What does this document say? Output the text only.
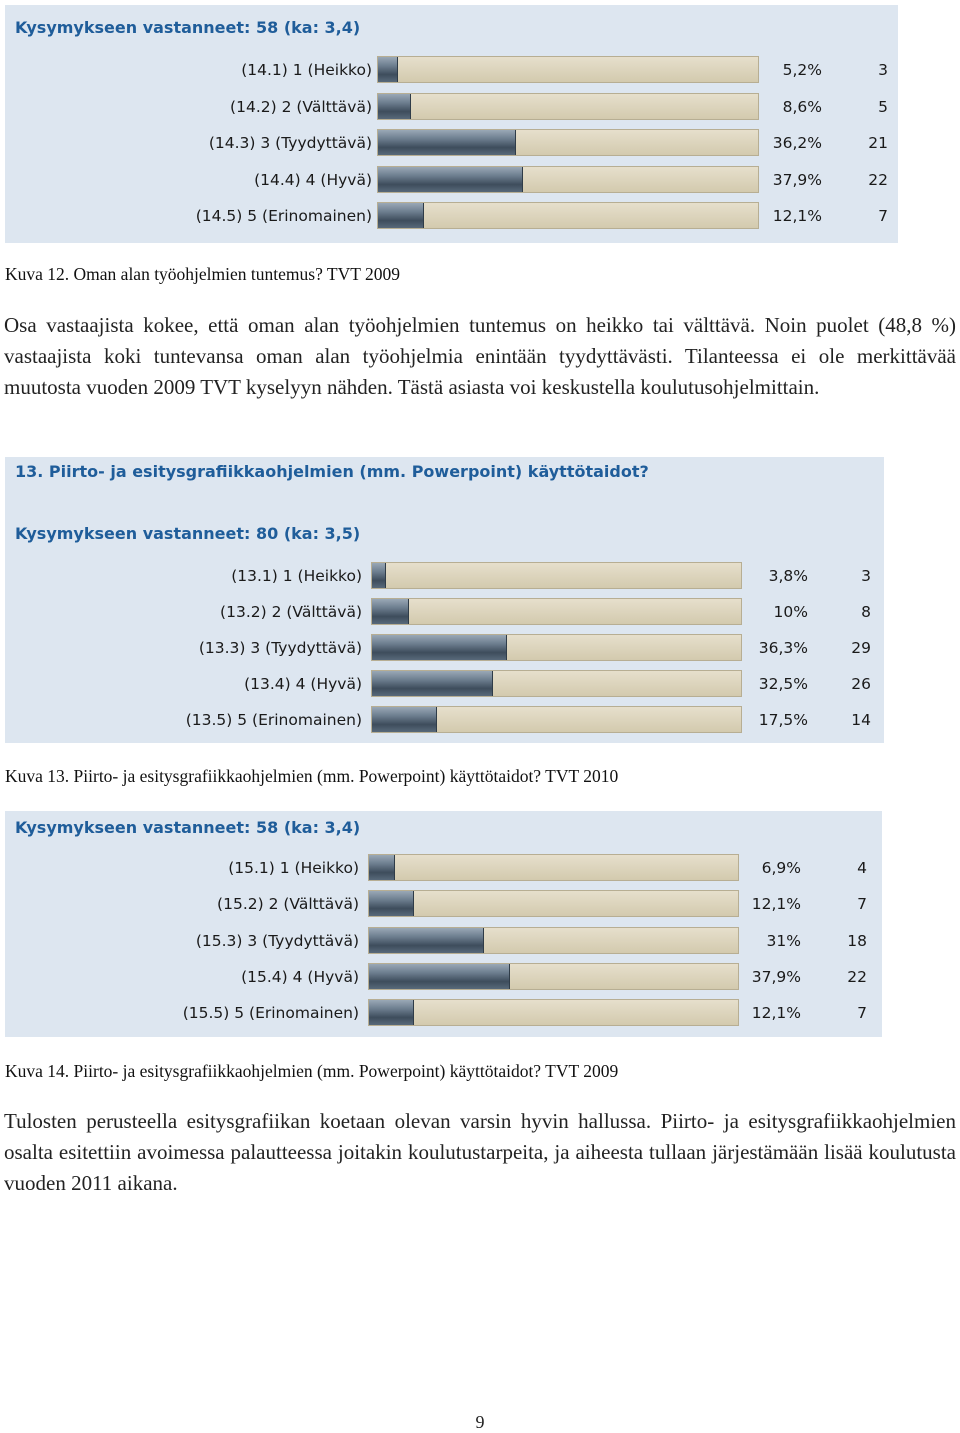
Kysymykseen vastanneet: 58 (ka: 3,4)
(14.1) 1 (Heikko)	5,2%	3
(14.2) 2 (Välttävä)	8,6%	5
(14.3) 3 (Tyydyttävä)	36,2%	21
(14.4) 4 (Hyvä)	37,9%	22
(14.5) 5 (Erinomainen)	12,1%	7
Kuva 12. Oman alan työohjelmien tuntemus? TVT 2009

Osa vastaajista kokee, että oman alan työohjelmien tuntemus on heikko tai välttävä. Noin puolet (48,8 %) vastaajista koki tuntevansa oman alan työohjelmia enintään tyydyttävästi. Tilanteessa ei ole merkittävää muutosta vuoden 2009 TVT kyselyyn nähden. Tästä asiasta voi keskustella koulutusohjelmittain.

13. Piirto- ja esitysgrafiikkaohjelmien (mm. Powerpoint) käyttötaidot?
Kysymykseen vastanneet: 80 (ka: 3,5)
(13.1) 1 (Heikko)	3,8%	3
(13.2) 2 (Välttävä)	10%	8
(13.3) 3 (Tyydyttävä)	36,3%	29
(13.4) 4 (Hyvä)	32,5%	26
(13.5) 5 (Erinomainen)	17,5%	14
Kuva 13. Piirto- ja esitysgrafiikkaohjelmien (mm. Powerpoint) käyttötaidot? TVT 2010
Kysymykseen vastanneet: 58 (ka: 3,4)
(15.1) 1 (Heikko)	6,9%	4
(15.2) 2 (Välttävä)	12,1%	7
(15.3) 3 (Tyydyttävä)	31%	18
(15.4) 4 (Hyvä)	37,9%	22
(15.5) 5 (Erinomainen)	12,1%	7
Kuva 14. Piirto- ja esitysgrafiikkaohjelmien (mm. Powerpoint) käyttötaidot? TVT 2009

Tulosten perusteella esitysgrafiikan koetaan olevan varsin hyvin hallussa. Piirto- ja esitysgrafiikkaohjelmien osalta esitettiin avoimessa palautteessa joitakin koulutustarpeita, ja aiheesta tullaan järjestämään lisää koulutusta vuoden 2011 aikana.

9
